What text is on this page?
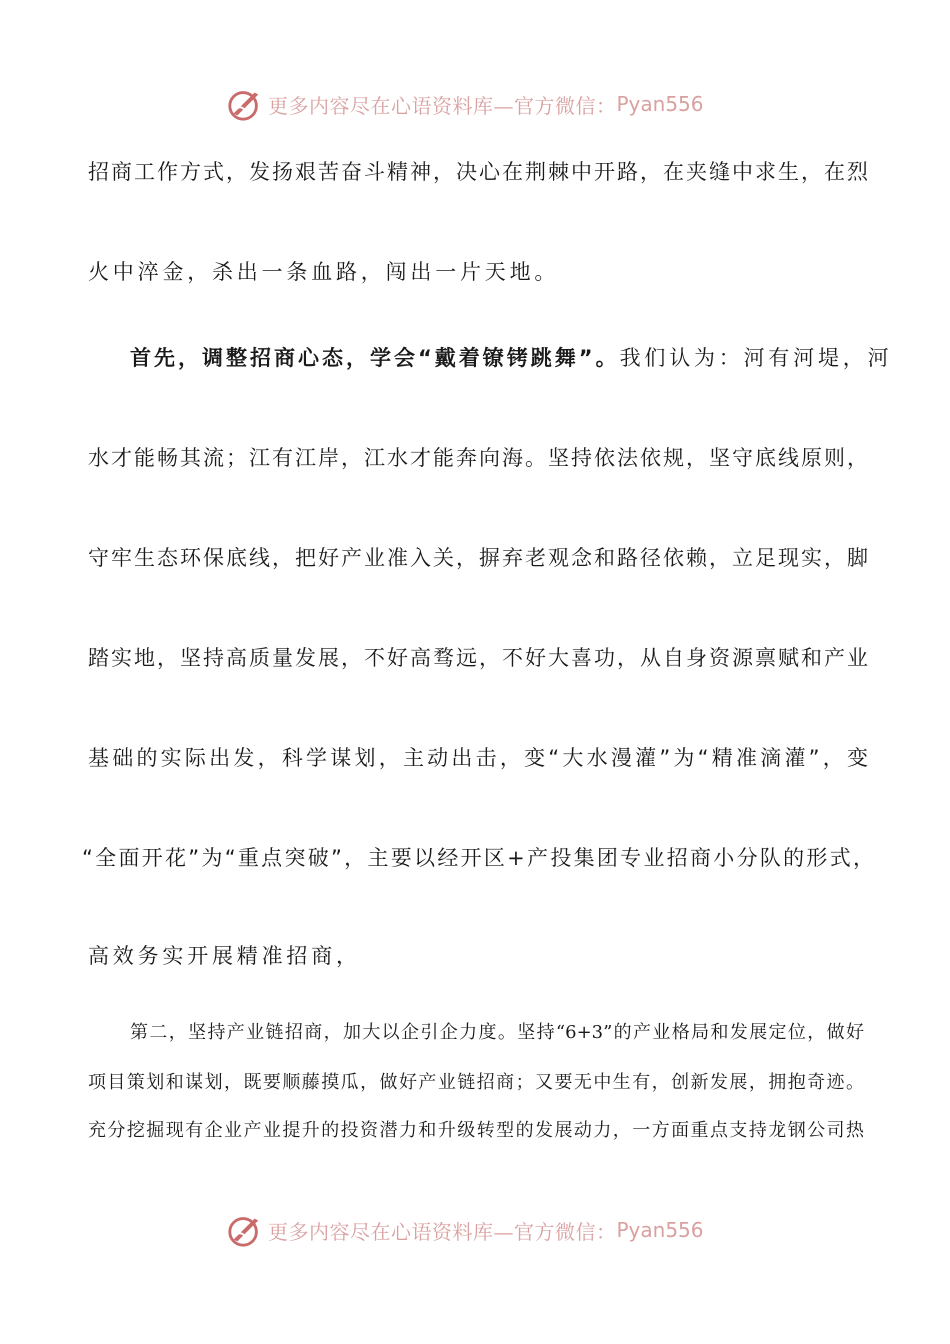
更多内容尽在心语资料库—官方微信： Pyan556
招商工作方式，发扬艰苦奋斗精神，决心在荆棘中开路，在夹缝中求生，在烈
火中淬金，杀出一条血路，闯出一片天地。
首先，调整招商心态，学会“戴着镣铐跳舞”。 我们认为：河有河堤，河
水才能畅其流；江有江岸，江水才能奔向海。坚持依法依规，坚守底线原则，
守牢生态环保底线，把好产业准入关，摒弃老观念和路径依赖，立足现实，脚
踏实地，坚持高质量发展，不好高骛远，不好大喜功，从自身资源禀赋和产业
基础的实际出发，科学谋划，主动出击，变“大水漫灌”为“精准滴灌”，变
“全面开花”为“重点突破”，主要以经开区+产投集团专业招商小分队的形式，
高效务实开展精准招商，
第二，坚持产业链招商，加大以企引企力度。坚持“6+3”的产业格局和发展定位，做好
项目策划和谋划，既要顺藤摸瓜，做好产业链招商；又要无中生有，创新发展，拥抱奇迹。
充分挖掘现有企业产业提升的投资潜力和升级转型的发展动力，一方面重点支持龙钢公司热
更多内容尽在心语资料库—官方微信： Pyan556
